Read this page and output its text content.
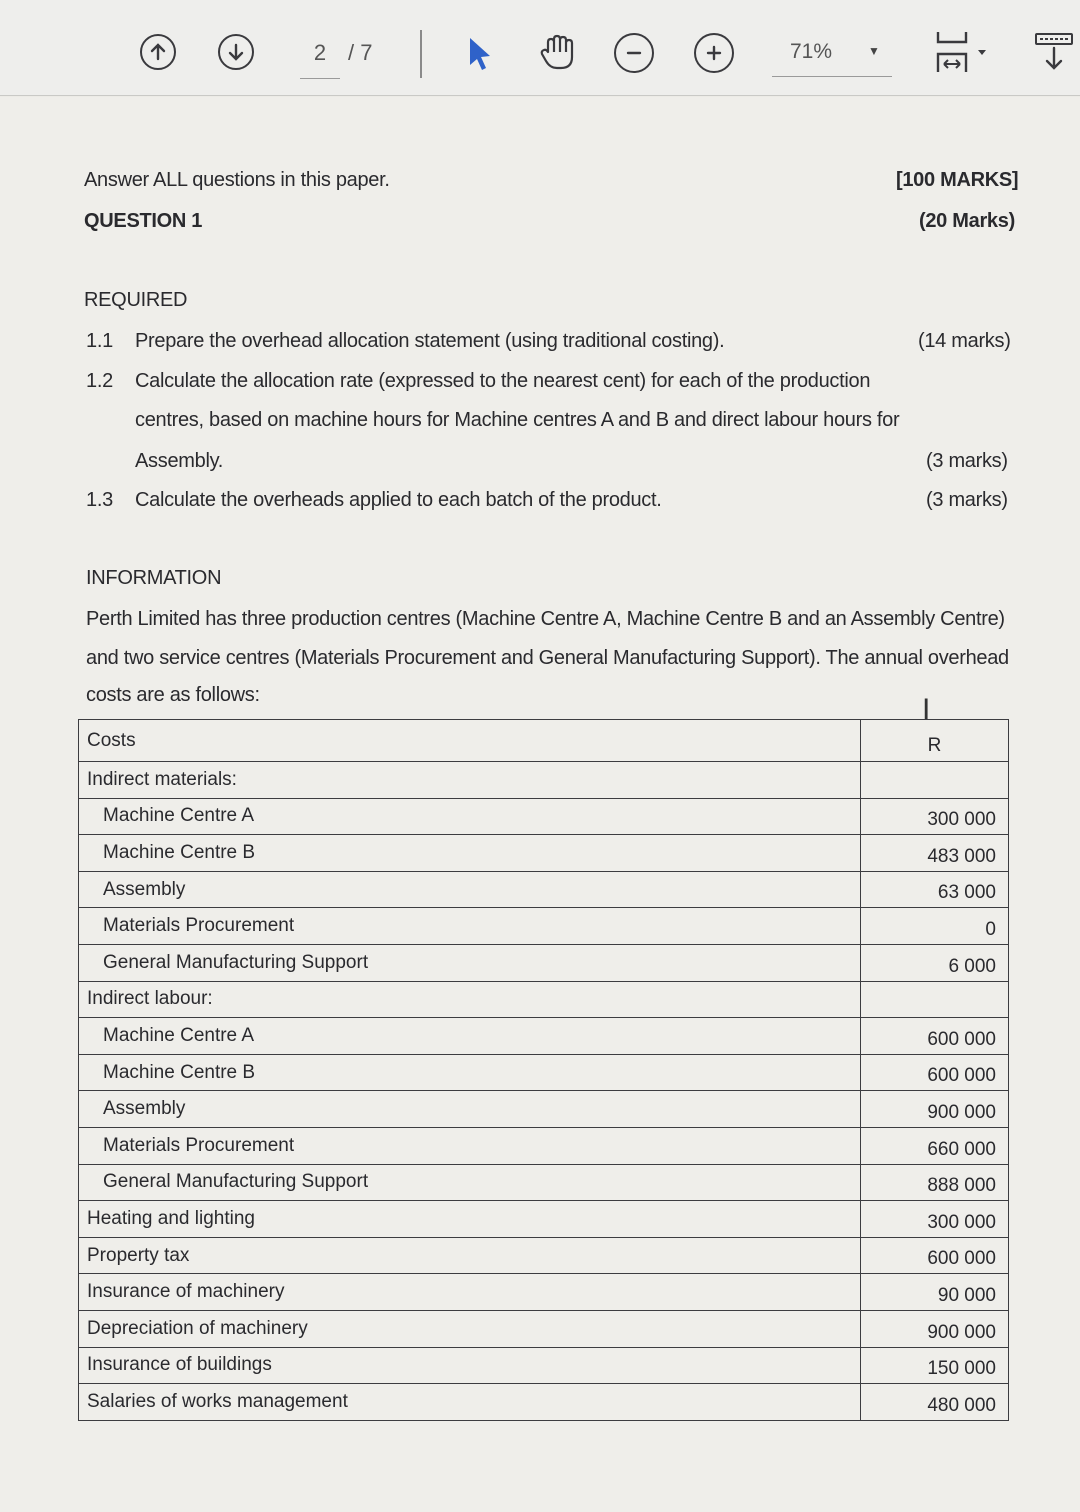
2 / 7	71%	▼
Answer ALL questions in this paper.	[100 MARKS]
QUESTION 1	(20 Marks)
REQUIRED
1.1 Prepare the overhead allocation statement (using traditional costing).	(14 marks)
1.2 Calculate the allocation rate (expressed to the nearest cent) for each of the production
centres, based on machine hours for Machine centres A and B and direct labour hours for
Assembly.	(3 marks)
1.3 Calculate the overheads applied to each batch of the product.	(3 marks)
INFORMATION
Perth Limited has three production centres (Machine Centre A, Machine Centre B and an Assembly Centre)
and two service centres (Materials Procurement and General Manufacturing Support). The annual overhead
costs are as follows:	I
Costs	R
Indirect materials:	
Machine Centre A	300 000
Machine Centre B	483 000
Assembly	63 000
Materials Procurement	0
General Manufacturing Support	6 000
Indirect labour:	
Machine Centre A	600 000
Machine Centre B	600 000
Assembly	900 000
Materials Procurement	660 000
General Manufacturing Support	888 000
Heating and lighting	300 000
Property tax	600 000
Insurance of machinery	90 000
Depreciation of machinery	900 000
Insurance of buildings	150 000
Salaries of works management	480 000
